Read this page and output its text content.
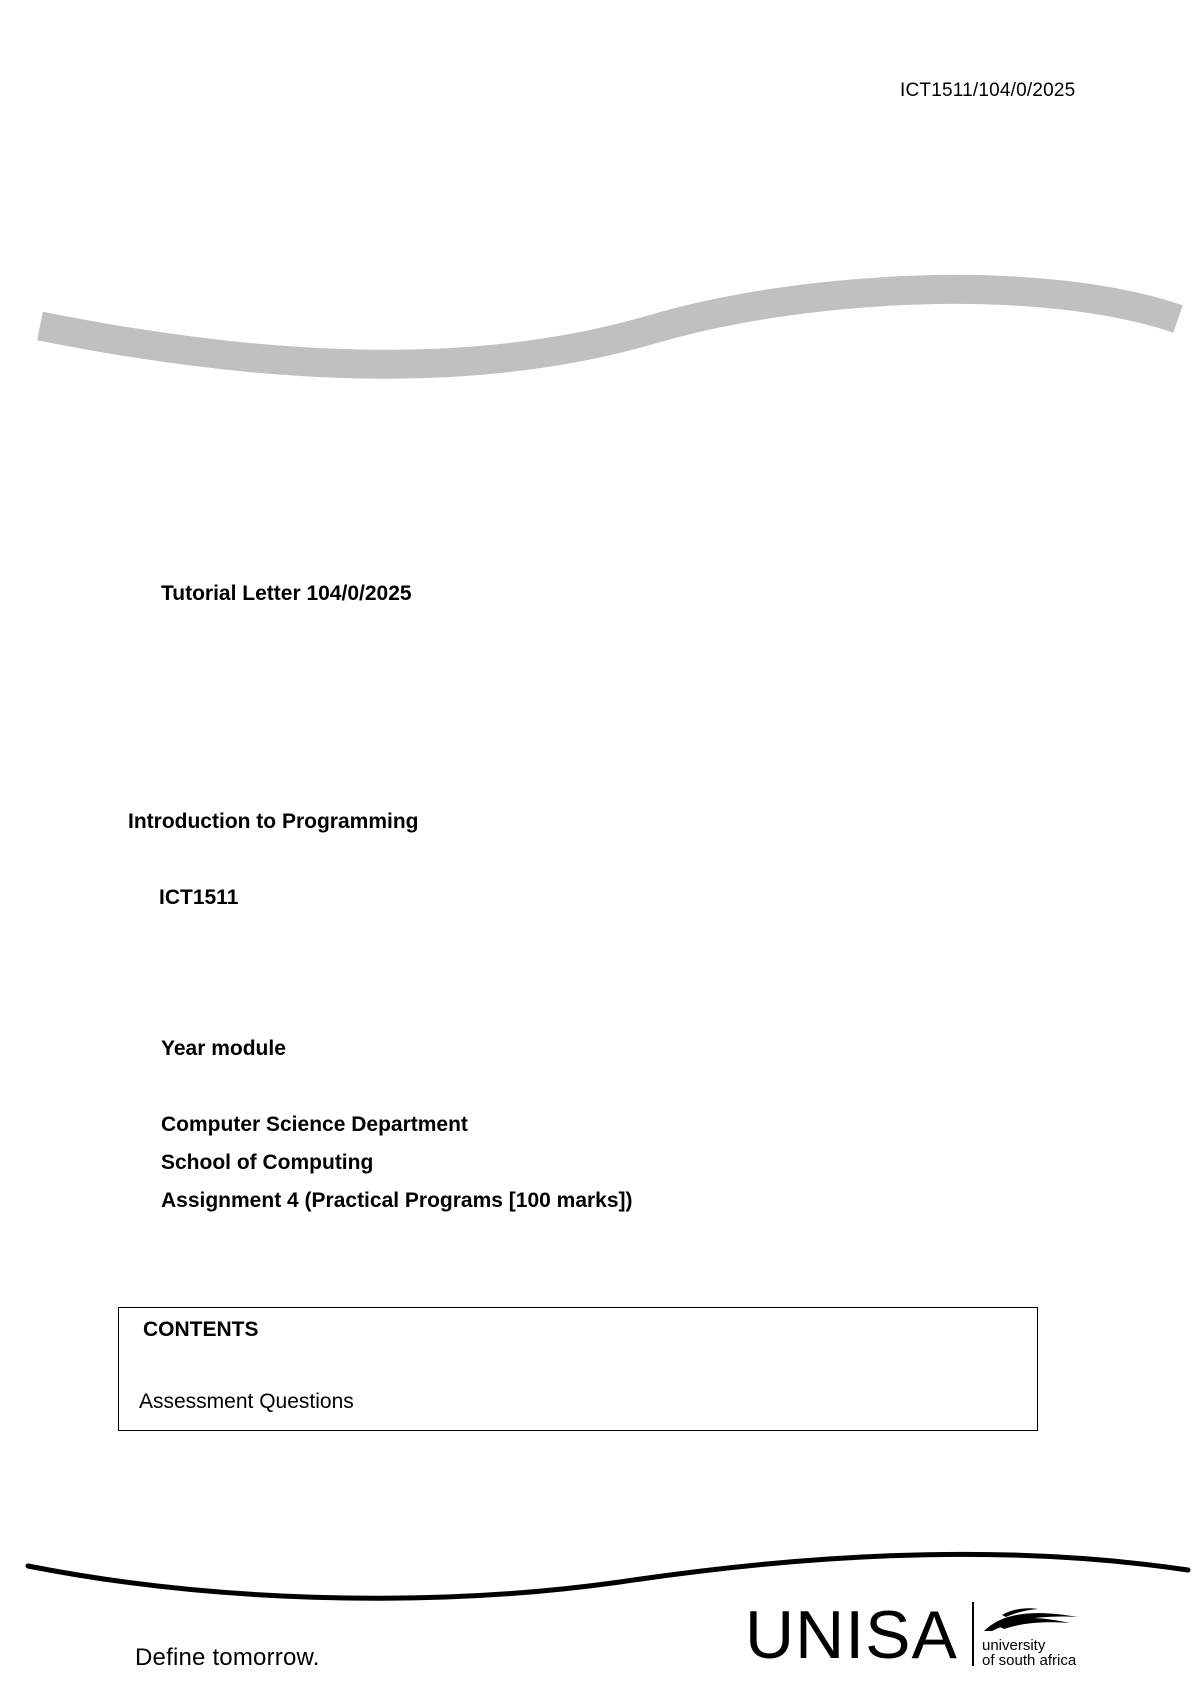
ICT1511/104/0/2025
Tutorial Letter 104/0/2025
Introduction to Programming
ICT1511
Year module
Computer Science Department
School of Computing
Assignment 4 (Practical Programs [100 marks])
CONTENTS
Assessment Questions
Define tomorrow.	UNISA university
of south africa
